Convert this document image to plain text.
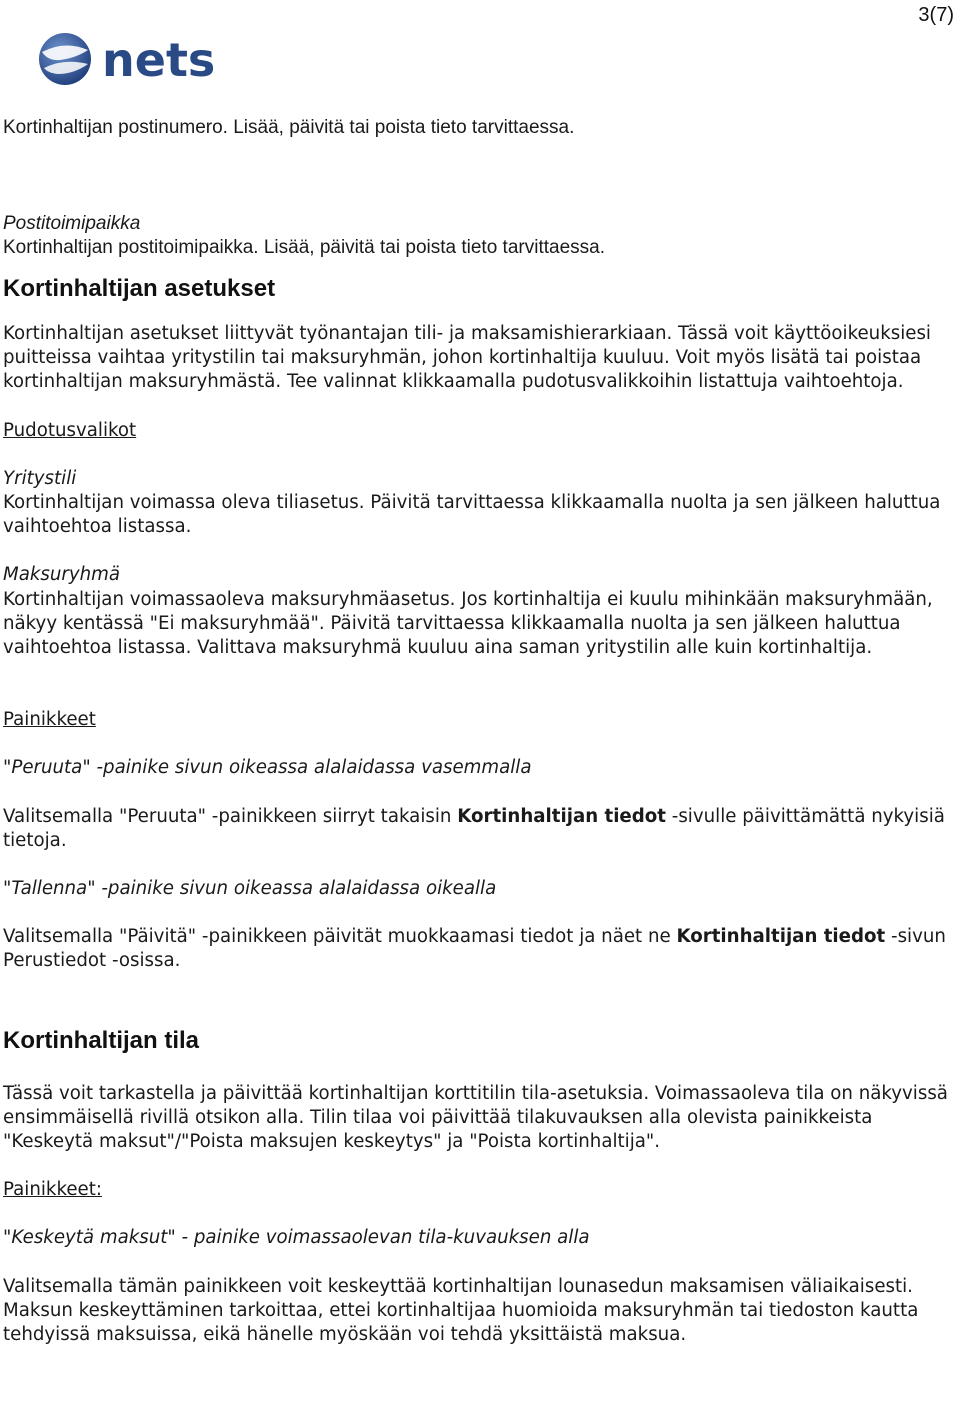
3(7)
nets

Kortinhaltijan postinumero. Lisää, päivitä tai poista tieto tarvittaessa.

Postitoimipaikka

Kortinhaltijan postitoimipaikka. Lisää, päivitä tai poista tieto tarvittaessa.

Kortinhaltijan asetukset

Kortinhaltijan asetukset liittyvät työnantajan tili- ja maksamishierarkiaan. Tässä voit käyttöoikeuksiesi puitteissa vaihtaa yritystilin tai maksuryhmän, johon kortinhaltija kuuluu. Voit myös lisätä tai poistaa kortinhaltijan maksuryhmästä. Tee valinnat klikkaamalla pudotusvalikkoihin listattuja vaihtoehtoja.

Pudotusvalikot

Yritystili

Kortinhaltijan voimassa oleva tiliasetus. Päivitä tarvittaessa klikkaamalla nuolta ja sen jälkeen haluttua vaihtoehtoa listassa.

Maksuryhmä

Kortinhaltijan voimassaoleva maksuryhmäasetus. Jos kortinhaltija ei kuulu mihinkään maksuryhmään, näkyy kentässä "Ei maksuryhmää". Päivitä tarvittaessa klikkaamalla nuolta ja sen jälkeen haluttua vaihtoehtoa listassa. Valittava maksuryhmä kuuluu aina saman yritystilin alle kuin kortinhaltija.

Painikkeet

"Peruuta" -painike sivun oikeassa alalaidassa vasemmalla

Valitsemalla "Peruuta" -painikkeen siirryt takaisin Kortinhaltijan tiedot -sivulle päivittämättä nykyisiä tietoja.

"Tallenna" -painike sivun oikeassa alalaidassa oikealla

Valitsemalla "Päivitä" -painikkeen päivität muokkaamasi tiedot ja näet ne Kortinhaltijan tiedot -sivun Perustiedot -osissa.

Kortinhaltijan tila

Tässä voit tarkastella ja päivittää kortinhaltijan korttitilin tila-asetuksia. Voimassaoleva tila on näkyvissä ensimmäisellä rivillä otsikon alla. Tilin tilaa voi päivittää tilakuvauksen alla olevista painikkeista "Keskeytä maksut"/"Poista maksujen keskeytys" ja "Poista kortinhaltija".

Painikkeet:

"Keskeytä maksut" - painike voimassaolevan tila-kuvauksen alla

Valitsemalla tämän painikkeen voit keskeyttää kortinhaltijan lounasedun maksamisen väliaikaisesti. Maksun keskeyttäminen tarkoittaa, ettei kortinhaltijaa huomioida maksuryhmän tai tiedoston kautta tehdyissä maksuissa, eikä hänelle myöskään voi tehdä yksittäistä maksua.
